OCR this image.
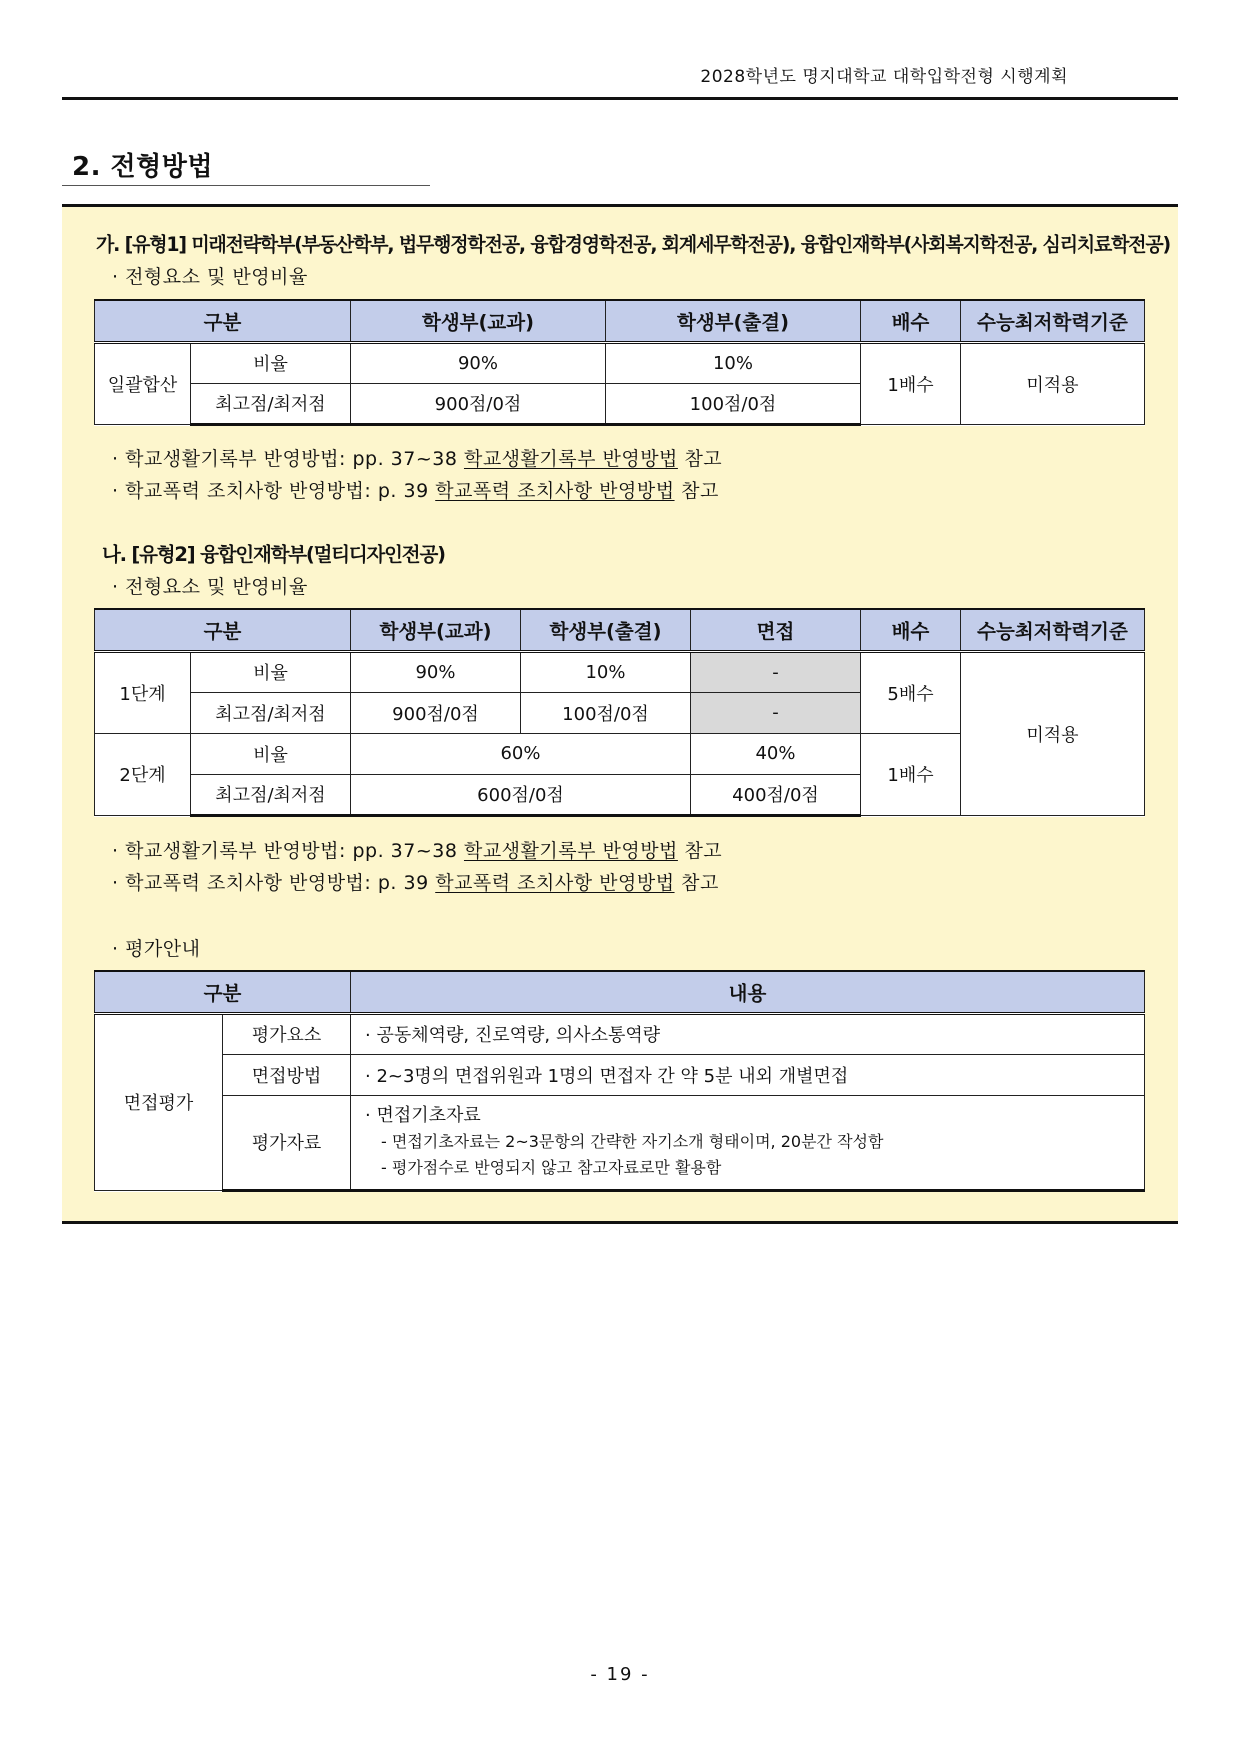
2028학년도 명지대학교 대학입학전형 시행계획
2. 전형방법
가. [유형1] 미래전략학부(부동산학부, 법무행정학전공, 융합경영학전공, 회계세무학전공), 융합인재학부(사회복지학전공, 심리치료학전공)
· 전형요소 및 반영비율
구분		학생부(교과)	학생부(출결)	배수	수능최저학력기준
일괄합산	비율	90%	10%	1배수	미적용
	최고점/최저점	900점/0점	100점/0점		
· 학교생활기록부 반영방법: pp. 37~38 학교생활기록부 반영방법 참고
· 학교폭력 조치사항 반영방법: p. 39 학교폭력 조치사항 반영방법 참고
나. [유형2] 융합인재학부(멀티디자인전공)
· 전형요소 및 반영비율
구분		학생부(교과)	학생부(출결)	면접	배수	수능최저학력기준
1단계	비율	90%	10%	-	5배수	미적용
	최고점/최저점	900점/0점	100점/0점	-		
2단계	비율	60%		40%	1배수	
	최고점/최저점	600점/0점		400점/0점		
· 학교생활기록부 반영방법: pp. 37~38 학교생활기록부 반영방법 참고
· 학교폭력 조치사항 반영방법: p. 39 학교폭력 조치사항 반영방법 참고
· 평가안내
구분		내용
면접평가	평가요소	· 공동체역량, 진로역량, 의사소통역량
	면접방법	· 2~3명의 면접위원과 1명의 면접자 간 약 5분 내외 개별면접
	평가자료	· 면접기초자료
- 면접기초자료는 2~3문항의 간략한 자기소개 형태이며, 20분간 작성함
- 평가점수로 반영되지 않고 참고자료로만 활용함
- 19 -
